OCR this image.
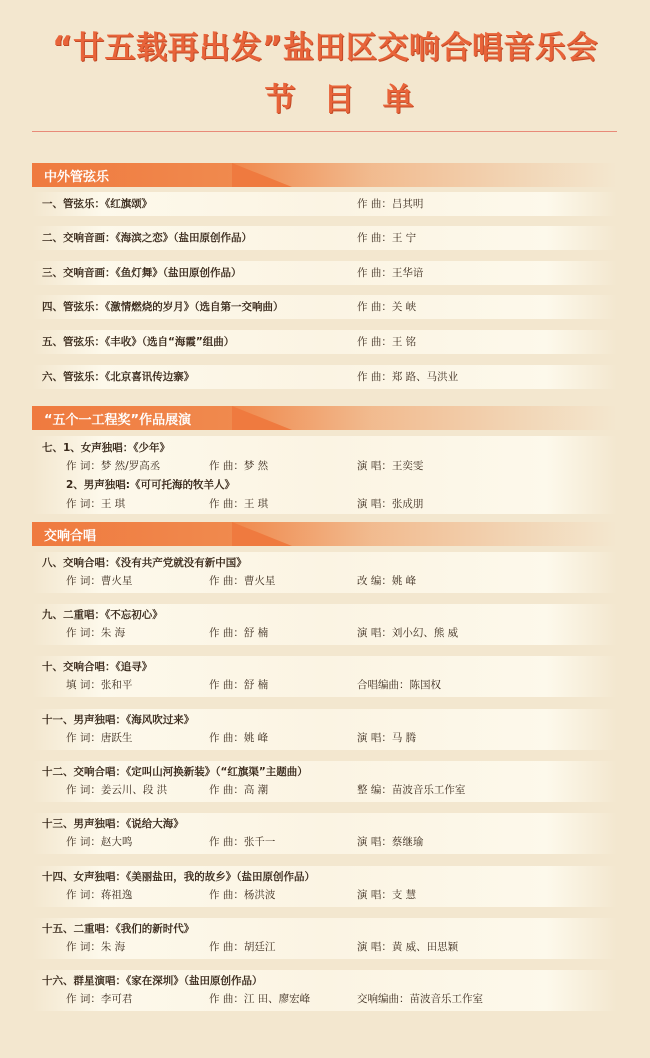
“廿五载再出发”盐田区交响合唱音乐会
节目单
中外管弦乐
一、管弦乐：《红旗颂》	作 曲：吕其明
二、交响音画：《海滨之恋》（盐田原创作品）	作 曲：王 宁
三、交响音画：《鱼灯舞》（盐田原创作品）	作 曲：王华谙
四、管弦乐：《激情燃烧的岁月》（选自第一交响曲）	作 曲：关 峡
五、管弦乐：《丰收》（选自“海霞”组曲）	作 曲：王 铭
六、管弦乐：《北京喜讯传边寨》	作 曲：郑 路、马洪业
“五个一工程奖”作品展演
七、1、女声独唱：《少年》
作 词：梦 然/罗高丞	作 曲：梦 然	演 唱：王奕雯
2、男声独唱:《可可托海的牧羊人》
作 词：王 琪	作 曲：王 琪	演 唱：张成朋
交响合唱
八、交响合唱：《没有共产党就没有新中国》
作 词：曹火星	作 曲：曹火星	改 编：姚 峰
九、二重唱：《不忘初心》
作 词：朱 海	作 曲：舒 楠	演 唱：刘小幻、熊 威
十、交响合唱：《追寻》
填 词：张和平	作 曲：舒 楠	合唱编曲：陈国权
十一、男声独唱：《海风吹过来》
作 词：唐跃生	作 曲：姚 峰	演 唱：马 腾
十二、交响合唱：《定叫山河换新装》（“红旗渠”主题曲）
作 词：姜云川、段 洪	作 曲：高 潮	整 编：苗波音乐工作室
十三、男声独唱：《说给大海》
作 词：赵大鸣	作 曲：张千一	演 唱：蔡继瑜
十四、女声独唱：《美丽盐田，我的故乡》（盐田原创作品）
作 词：蒋祖逸	作 曲：杨洪波	演 唱：支 慧
十五、二重唱：《我们的新时代》
作 词：朱 海	作 曲：胡廷江	演 唱：黄 威、田思颖
十六、群星演唱：《家在深圳》（盐田原创作品）
作 词：李可君	作 曲：江 田、廖宏峰	交响编曲：苗波音乐工作室
